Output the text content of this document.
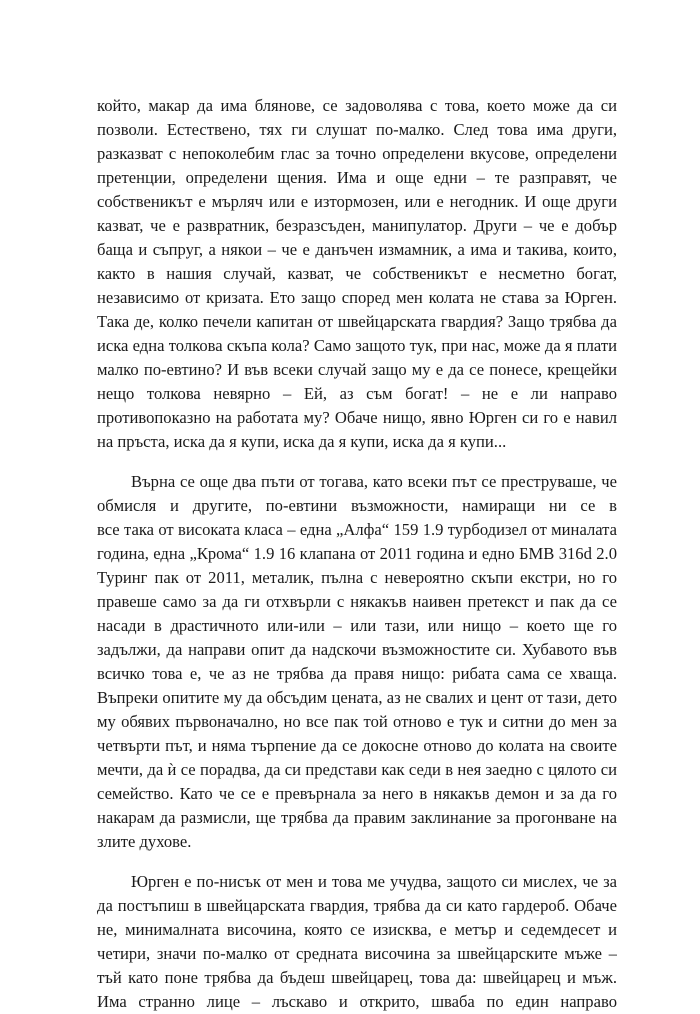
който, макар да има блянове, се задоволява с това, което може да си
позволи. Естествено, тях ги слушат по-малко. След това има други,
разказват с непоколебим глас за точно определени вкусове, определени
претенции, определени щения. Има и още едни – те разправят, че
собственикът е мърляч или е изтормозен, или е негодник. И още други
казват, че е развратник, безразсъден, манипулатор. Други – че е добър
баща и съпруг, а някои – че е данъчен измамник, а има и такива, които,
както в нашия случай, казват, че собственикът е несметно богат,
независимо от кризата. Ето защо според мен колата не става за Юрген.
Така де, колко печели капитан от швейцарската гвардия? Защо трябва да
иска една толкова скъпа кола? Само защото тук, при нас, може да я плати
малко по-евтино? И във всеки случай защо му е да се понесе, крещейки
нещо толкова невярно – Ей, аз съм богат! – не е ли направо
противопоказно на работата му? Обаче нищо, явно Юрген си го е навил
на пръста, иска да я купи, иска да я купи, иска да я купи...
Върна се още два пъти от тогава, като всеки път се преструваше, че
обмисля и другите, по-евтини възможности, намиращи ни се в
все така от високата класа – една „Алфа“ 159 1.9 турбодизел от миналата
година, една „Крома“ 1.9 16 клапана от 2011 година и едно БМВ 316d 2.0
Туринг пак от 2011, металик, пълна с невероятно скъпи екстри, но го
правеше само за да ги отхвърли с някакъв наивен претекст и пак да се
насади в драстичното или-или – или тази, или нищо – което ще го
задължи, да направи опит да надскочи възможностите си. Хубавото във
всичко това е, че аз не трябва да правя нищо: рибата сама се хваща.
Въпреки опитите му да обсъдим цената, аз не свалих и цент от тази, дето
му обявих първоначално, но все пак той отново е тук и ситни до мен за
четвърти път, и няма търпение да се докосне отново до колата на своите
мечти, да ѝ се порадва, да си представи как седи в нея заедно с цялото си
семейство. Като че се е превърнала за него в някакъв демон и за да го
накарам да размисли, ще трябва да правим заклинание за прогонване на
злите духове.
Юрген е по-нисък от мен и това ме учудва, защото си мислех, че за
да постъпиш в швейцарската гвардия, трябва да си като гардероб. Обаче
не, минималната височина, която се изисква, е метър и седемдесет и
четири, значи по-малко от средната височина за швейцарските мъже –
тъй като поне трябва да бъдеш швейцарец, това да: швейцарец и мъж.
Има странно лице – лъскаво и открито, шваба по един направо
